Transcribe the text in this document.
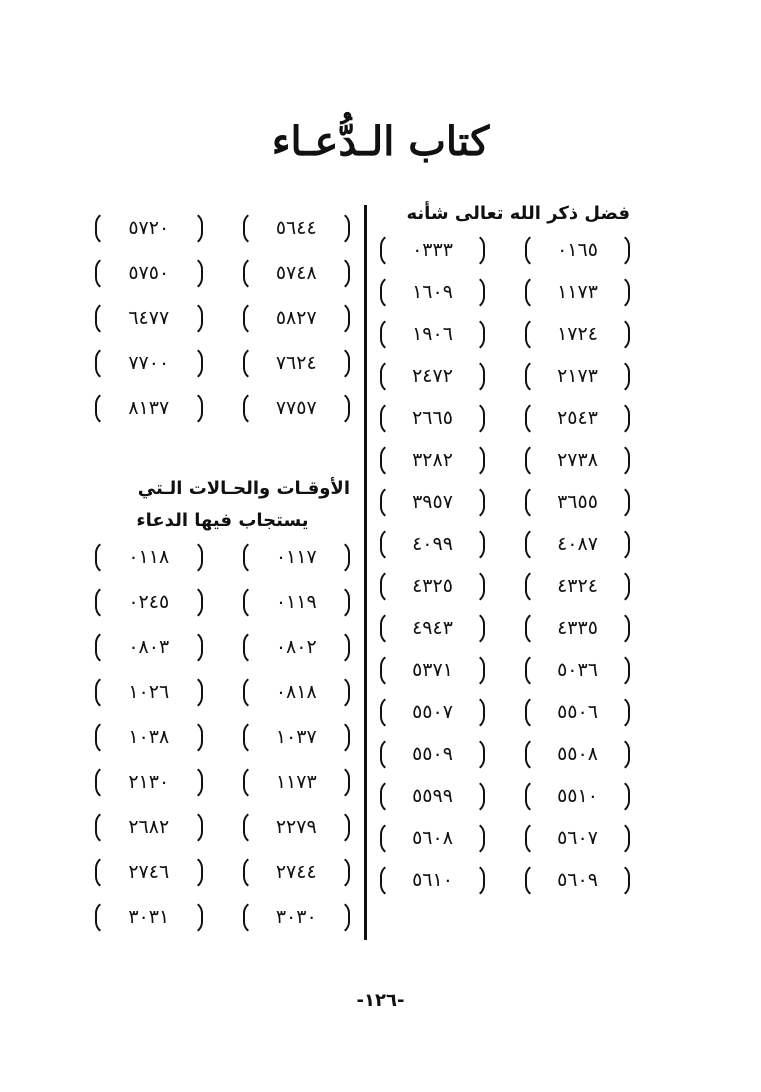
كتاب الـدُّعـاء
فضل ذكر الله تعالى شأنه
٠١٦٥
٠٣٣٣
١١٧٣
١٦٠٩
١٧٢٤
١٩٠٦
٢١٧٣
٢٤٧٢
٢٥٤٣
٢٦٦٥
٢٧٣٨
٣٢٨٢
٣٦٥٥
٣٩٥٧
٤٠٨٧
٤٠٩٩
٤٣٢٤
٤٣٢٥
٤٣٣٥
٤٩٤٣
٥٠٣٦
٥٣٧١
٥٥٠٦
٥٥٠٧
٥٥٠٨
٥٥٠٩
٥٥١٠
٥٥٩٩
٥٦٠٧
٥٦٠٨
٥٦٠٩
٥٦١٠
٥٦٤٤
٥٧٢٠
٥٧٤٨
٥٧٥٠
٥٨٢٧
٦٤٧٧
٧٦٢٤
٧٧٠٠
٧٧٥٧
٨١٣٧
الأوقـات والحـالات الـتي
يستجاب فيها الدعاء
٠١١٧
٠١١٨
٠١١٩
٠٢٤٥
٠٨٠٢
٠٨٠٣
٠٨١٨
١٠٢٦
١٠٣٧
١٠٣٨
١١٧٣
٢١٣٠
٢٢٧٩
٢٦٨٢
٢٧٤٤
٢٧٤٦
٣٠٣٠
٣٠٣١
-١٢٦-
